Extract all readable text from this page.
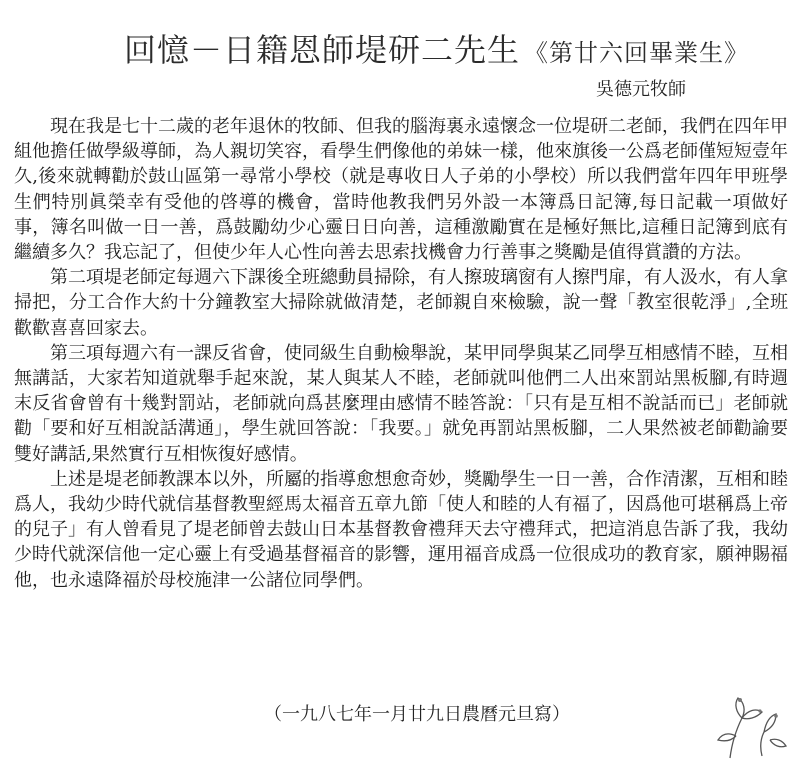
回憶－日籍恩師堤研二先生 《第廿六回畢業生》
吳德元牧師

現在我是七十二歲的老年退休的牧師、但我的腦海裏永遠懷念一位堤研二老師，我們在四年甲組他擔任做學級導師，為人親切笑容，看學生們像他的弟妹一樣，他來旗後一公爲老師僅短短壹年久,後來就轉勸於鼓山區第一尋常小學校（就是專收日人子弟的小學校）所以我們當年四年甲班學生們特別眞榮幸有受他的啓導的機會，當時他教我們另外設一本簿爲日記簿,每日記載一項做好事，簿名叫做一日一善，爲鼓勵幼少心靈日日向善，這種激勵實在是極好無比,這種日記簿到底有繼續多久？我忘記了，但使少年人心性向善去思索找機會力行善事之獎勵是值得賞讚的方法。

第二項堤老師定每週六下課後全班總動員掃除，有人擦玻璃窗有人擦門扉，有人汲水，有人拿掃把，分工合作大約十分鐘教室大掃除就做清楚，老師親自來檢驗，說一聲「教室很乾淨」,全班歡歡喜喜回家去。

第三項每週六有一課反省會，使同級生自動檢舉說，某甲同學與某乙同學互相感情不睦，互相無講話，大家若知道就舉手起來說，某人與某人不睦，老師就叫他們二人出來罰站黑板腳,有時週末反省會曾有十幾對罰站，老師就向爲甚麼理由感情不睦答說：「只有是互相不說話而已」老師就勸「要和好互相說話溝通」，學生就回答說：「我要。」就免再罰站黑板腳，二人果然被老師勸諭要雙好講話,果然實行互相恢復好感情。

上述是堤老師教課本以外，所屬的指導愈想愈奇妙，獎勵學生一日一善，合作清潔，互相和睦爲人，我幼少時代就信基督教聖經馬太福音五章九節「使人和睦的人有福了，因爲他可堪稱爲上帝的兒子」有人曾看見了堤老師曾去鼓山日本基督教會禮拜天去守禮拜式，把這消息告訴了我，我幼少時代就深信他一定心靈上有受過基督福音的影響，運用福音成爲一位很成功的教育家，願神賜福他，也永遠降福於母校施津一公諸位同學們。

（一九八七年一月廿九日農曆元旦寫）
